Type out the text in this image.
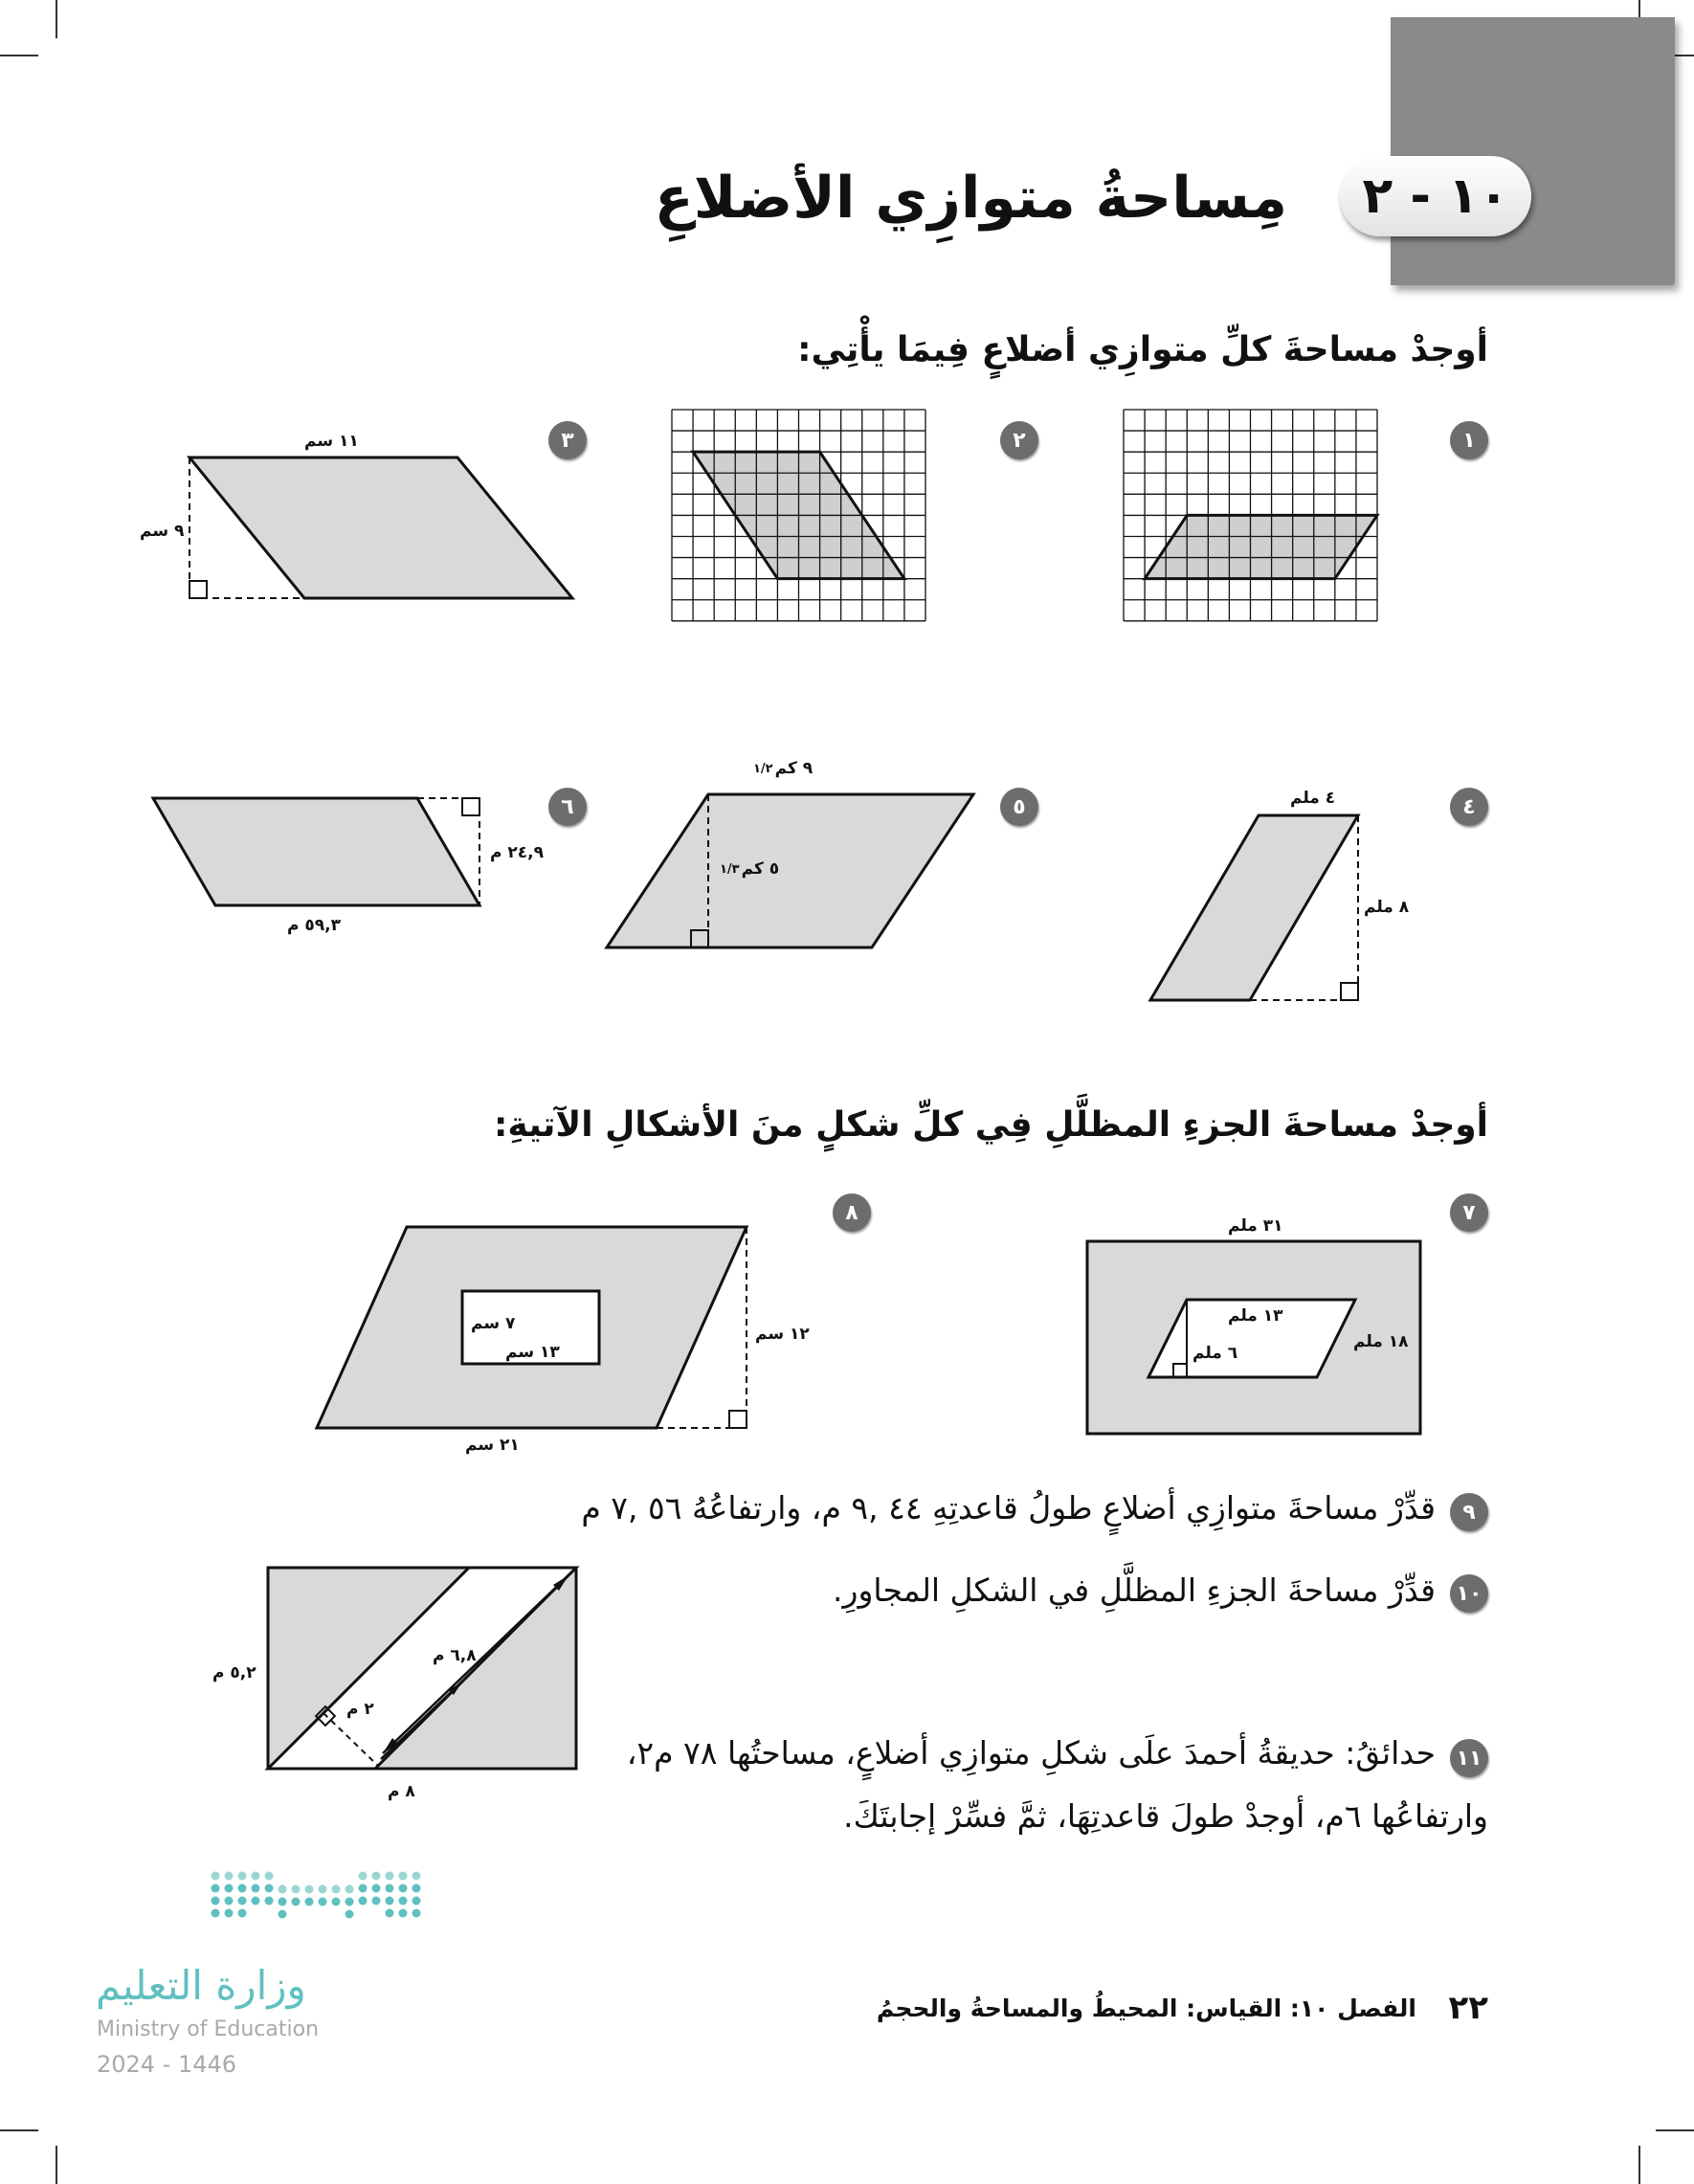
١٠ - ٢
مِساحةُ متوازِي الأضلاعِ
أوجدْ مساحةَ كلِّ متوازِي أضلاعٍ فِيمَا يأْتِي:
١
٢
٣
٤
٥
٦
١١ سم
٩ سم
٤ ملم
٨ ملم
١/٢ ٩ كم
١/٣ ٥ كم
٢٤,٩ م
٥٩,٣ م
أوجدْ مساحةَ الجزءِ المظلَّلِ فِي كلِّ شكلٍ منَ الأشكالِ الآتيةِ:
٧
٨
٣١ ملم
١٨ ملم
١٣ ملم
٦ ملم
١٢ سم
٢١ سم
٧ سم
١٣ سم
٩
قدِّرْ مساحةَ متوازِي أضلاعٍ طولُ قاعدتِهِ ٤٤ ,٩ م، وارتفاعُهُ ٥٦ ,٧ م
١٠
قدِّرْ مساحةَ الجزءِ المظلَّلِ في الشكلِ المجاورِ.
٥,٢ م
٦,٨ م
٢ م
٨ م
١١
حدائقُ: حديقةُ أحمدَ علَى شكلِ متوازِي أضلاعٍ، مساحتُها ٧٨ م٢،
وارتفاعُها ٦م، أوجدْ طولَ قاعدتِهَا، ثمَّ فسِّرْ إجابتَكَ.
وزارة التعليم
Ministry of Education
2024 - 1446
٢٢
الفصل ١٠: القياس: المحيطُ والمساحةُ والحجمُ
